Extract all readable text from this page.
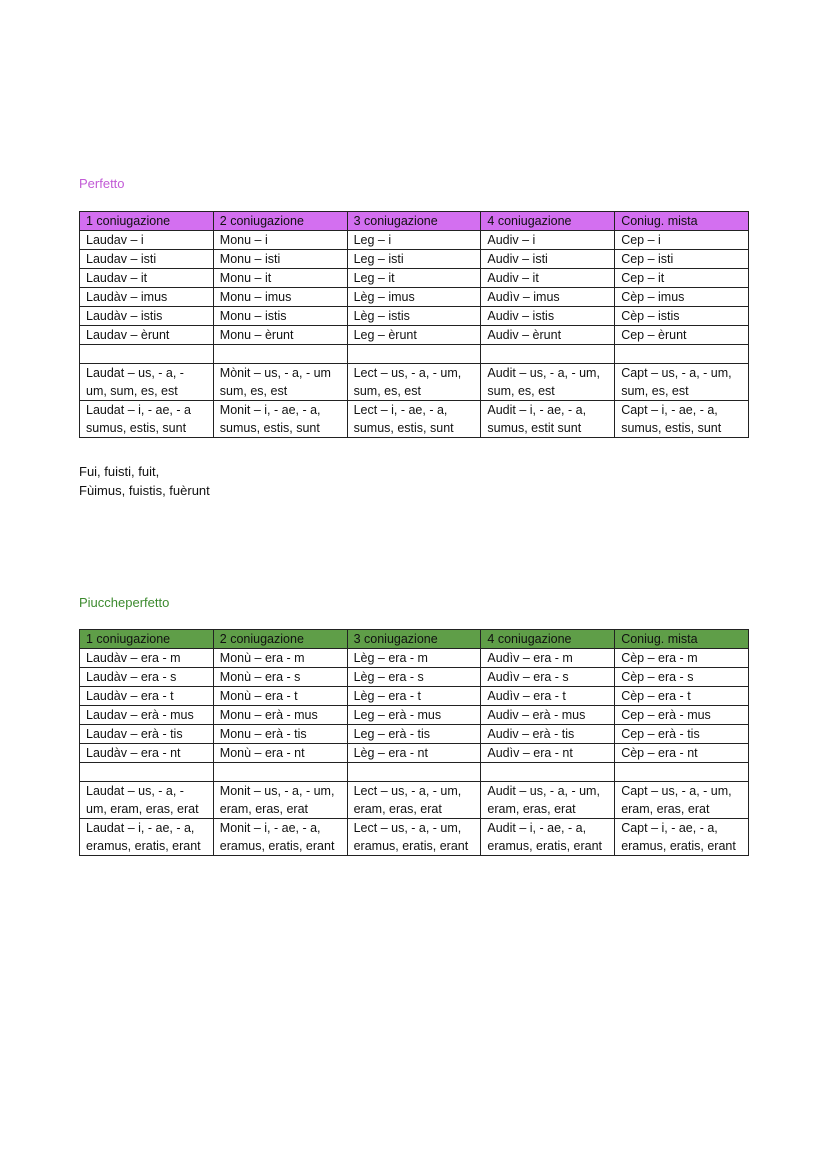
Perfetto
1 coniugazione	2 coniugazione	3 coniugazione	4 coniugazione	Coniug. mista
Laudav – i	Monu – i	Leg – i	Audiv – i	Cep – i
Laudav – isti	Monu – isti	Leg – isti	Audiv – isti	Cep – isti
Laudav – it	Monu – it	Leg – it	Audiv – it	Cep – it
Laudàv – imus	Monu – imus	Lèg – imus	Audìv – imus	Cèp – imus
Laudàv – istis	Monu – istis	Lèg – istis	Audiv – istis	Cèp – istis
Laudav – èrunt	Monu – èrunt	Leg – èrunt	Audiv – èrunt	Cep – èrunt

Laudat – us, - a, - um, sum, es, est	Mònit – us, - a, - um sum, es, est	Lect – us, - a, - um, sum, es, est	Audit – us, - a, - um, sum, es, est	Capt – us, - a, - um, sum, es, est
Laudat – i, - ae, - a sumus, estis, sunt	Monit – i, - ae, - a, sumus, estis, sunt	Lect – i, - ae, - a, sumus, estis, sunt	Audit – i, - ae, - a, sumus, estit sunt	Capt – i, - ae, - a, sumus, estis, sunt
Fui, fuisti, fuit,
Fùimus, fuistis, fuèrunt
Piuccheperfetto
1 coniugazione	2 coniugazione	3 coniugazione	4 coniugazione	Coniug. mista
Laudàv – era - m	Monù – era - m	Lèg – era - m	Audìv – era - m	Cèp – era - m
Laudàv – era - s	Monù – era - s	Lèg – era - s	Audìv – era - s	Cèp – era - s
Laudàv – era - t	Monù – era - t	Lèg – era - t	Audìv – era - t	Cèp – era - t
Laudav – erà - mus	Monu – erà - mus	Leg – erà - mus	Audiv – erà - mus	Cep – erà - mus
Laudav – erà - tis	Monu – erà - tis	Leg – erà - tis	Audiv – erà - tis	Cep – erà - tis
Laudàv – era - nt	Monù – era - nt	Lèg – era - nt	Audìv – era - nt	Cèp – era - nt

Laudat – us, - a, - um, eram, eras, erat	Monit – us, - a, - um, eram, eras, erat	Lect – us, - a, - um, eram, eras, erat	Audit – us, - a, - um, eram, eras, erat	Capt – us, - a, - um, eram, eras, erat
Laudat – i, - ae, - a, eramus, eratis, erant	Monit – i, - ae, - a, eramus, eratis, erant	Lect – us, - a, - um, eramus, eratis, erant	Audit – i, - ae, - a, eramus, eratis, erant	Capt – i, - ae, - a, eramus, eratis, erant
